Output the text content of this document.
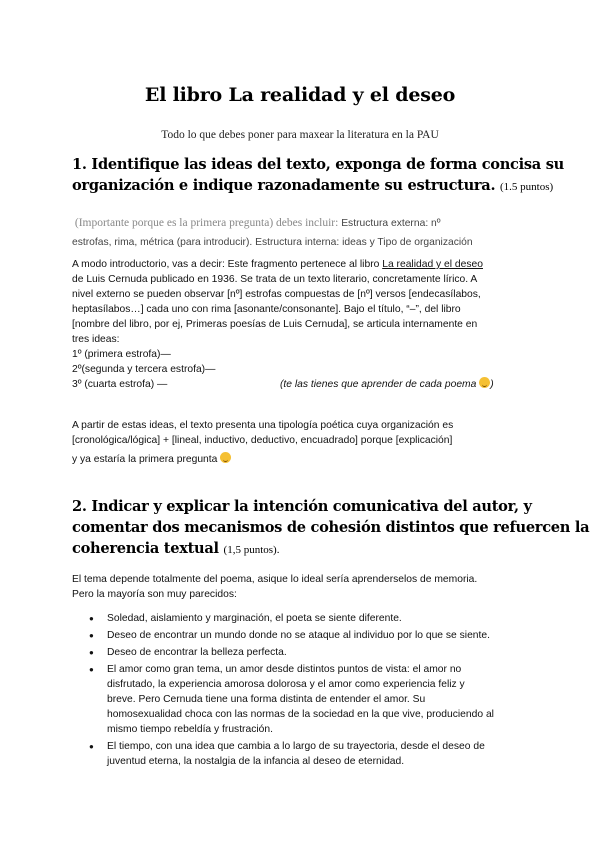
El libro La realidad y el deseo
Todo lo que debes poner para maxear la literatura en la PAU
1. Identifique las ideas del texto, exponga de forma concisa su
organización e indique razonadamente su estructura. (1.5 puntos)
(Importante porque es la primera pregunta) debes incluir: Estructura externa: nº
estrofas, rima, métrica (para introducir). Estructura interna: ideas y Tipo de organización
A modo introductorio, vas a decir: Este fragmento pertenece al libro La realidad y el deseo
de Luis Cernuda publicado en 1936. Se trata de un texto literario, concretamente lírico. A
nivel externo se pueden observar [nº] estrofas compuestas de [nº] versos [endecasílabos,
heptasílabos…] cada uno con rima [asonante/consonante]. Bajo el título, “–”, del libro
[nombre del libro, por ej, Primeras poesías de Luis Cernuda], se articula internamente en
tres ideas:
1º (primera estrofa)—
2º(segunda y tercera estrofa)—
3º (cuarta estrofa) —	(te las tienes que aprender de cada poema )
A partir de estas ideas, el texto presenta una tipología poética cuya organización es
[cronológica/lógica] + [lineal, inductivo, deductivo, encuadrado] porque [explicación]
y ya estaría la primera pregunta
2. Indicar y explicar la intención comunicativa del autor, y
comentar dos mecanismos de cohesión distintos que refuercen la
coherencia textual (1,5 puntos).
El tema depende totalmente del poema, asique lo ideal sería aprenderselos de memoria.
Pero la mayoría son muy parecidos:
● Soledad, aislamiento y marginación, el poeta se siente diferente.
● Deseo de encontrar un mundo donde no se ataque al individuo por lo que se siente.
● Deseo de encontrar la belleza perfecta.
● El amor como gran tema, un amor desde distintos puntos de vista: el amor no
disfrutado, la experiencia amorosa dolorosa y el amor como experiencia feliz y
breve. Pero Cernuda tiene una forma distinta de entender el amor. Su
homosexualidad choca con las normas de la sociedad en la que vive, produciendo al
mismo tiempo rebeldía y frustración.
● El tiempo, con una idea que cambia a lo largo de su trayectoria, desde el deseo de
juventud eterna, la nostalgia de la infancia al deseo de eternidad.
